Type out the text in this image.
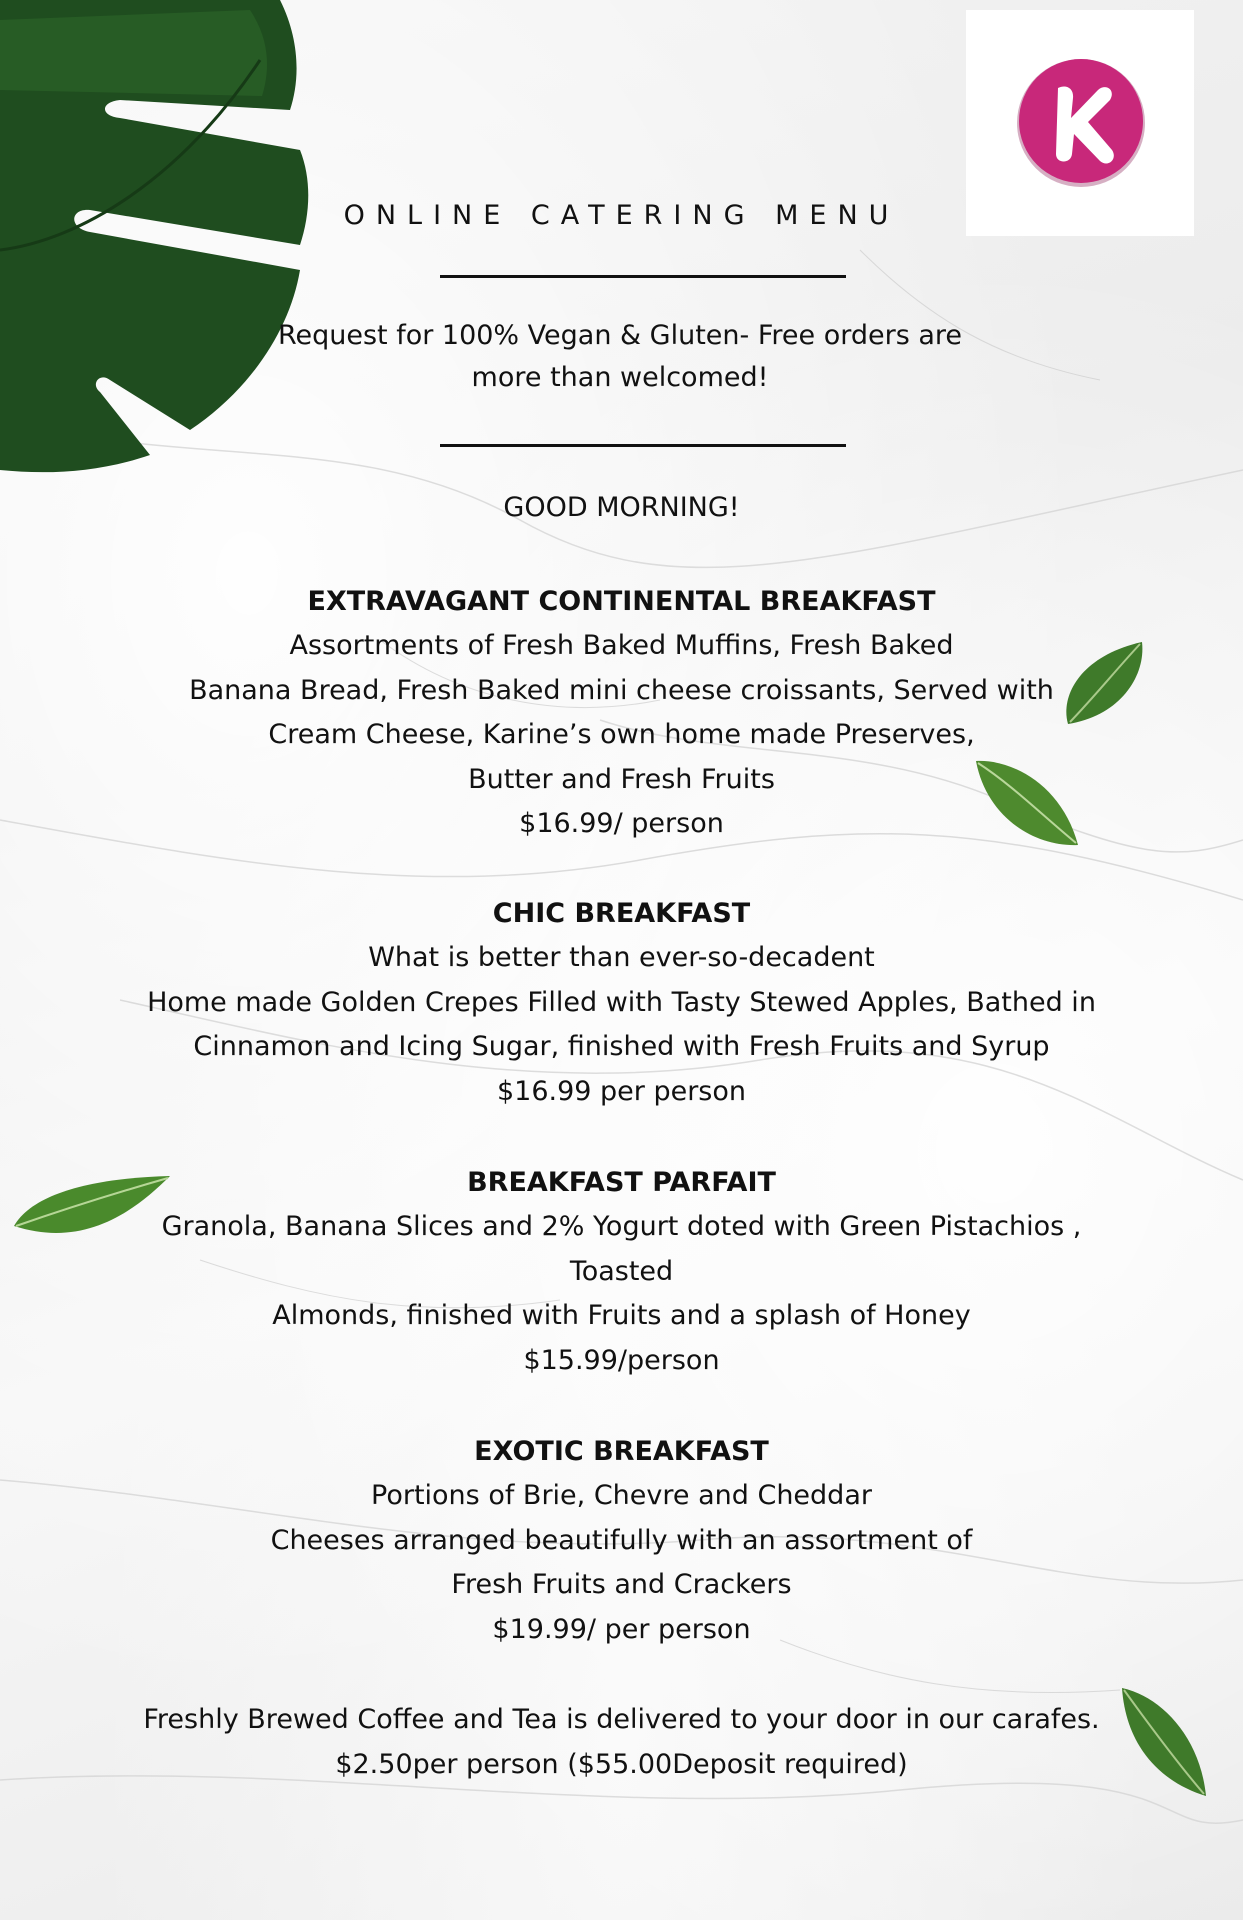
ONLINE CATERING MENU
Request for 100% Vegan & Gluten- Free orders are
more than welcomed!
GOOD MORNING!
EXTRAVAGANT CONTINENTAL BREAKFAST
Assortments of Fresh Baked Muffins, Fresh Baked
Banana Bread, Fresh Baked mini cheese croissants, Served with
Cream Cheese, Karine’s own home made Preserves,
Butter and Fresh Fruits
$16.99/ person
CHIC BREAKFAST
What is better than ever-so-decadent
Home made Golden Crepes Filled with Tasty Stewed Apples, Bathed in
Cinnamon and Icing Sugar, finished with Fresh Fruits and Syrup
$16.99 per person
BREAKFAST PARFAIT
Granola, Banana Slices and 2% Yogurt doted with Green Pistachios ,
Toasted
Almonds, finished with Fruits and a splash of Honey
$15.99/person
EXOTIC BREAKFAST
Portions of Brie, Chevre and Cheddar
Cheeses arranged beautifully with an assortment of
Fresh Fruits and Crackers
$19.99/ per person
Freshly Brewed Coffee and Tea is delivered to your door in our carafes.
$2.50per person ($55.00Deposit required)
